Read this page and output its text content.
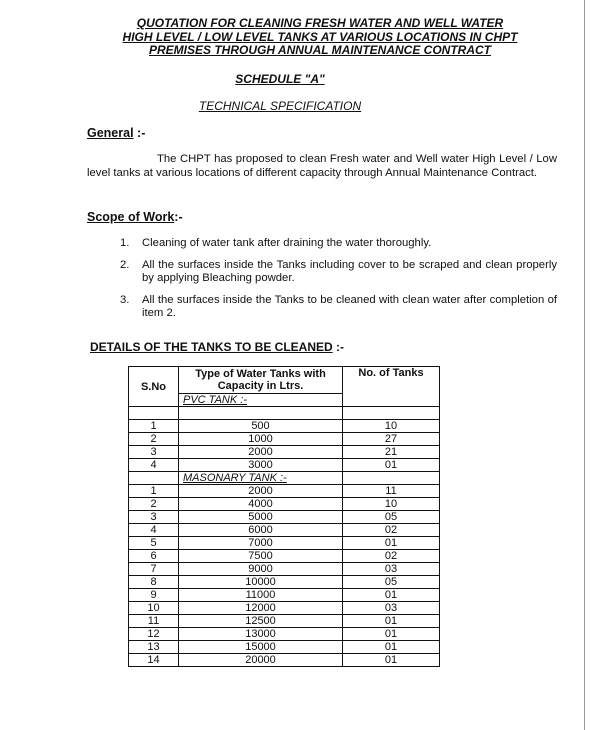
QUOTATION FOR CLEANING FRESH WATER AND WELL WATER
HIGH LEVEL / LOW LEVEL TANKS AT VARIOUS LOCATIONS IN CHPT
PREMISES THROUGH ANNUAL MAINTENANCE CONTRACT
SCHEDULE "A"
TECHNICAL SPECIFICATION
General :-
The CHPT has proposed to clean Fresh water and Well water High Level / Low level tanks at various locations of different capacity through Annual Maintenance Contract.
Scope of Work:-
1.	Cleaning of water tank after draining the water thoroughly.
2.	All the surfaces inside the Tanks including cover to be scraped and clean properly by applying Bleaching powder.
3.	All the surfaces inside the Tanks to be cleaned with clean water after completion of item 2.
DETAILS OF THE TANKS TO BE CLEANED :-
S.No	Type of Water Tanks with Capacity in Ltrs.	No. of Tanks
	PVC TANK :-	

1	500	10
2	1000	27
3	2000	21
4	3000	01
	MASONARY TANK :-	
1	2000	11
2	4000	10
3	5000	05
4	6000	02
5	7000	01
6	7500	02
7	9000	03
8	10000	05
9	11000	01
10	12000	03
11	12500	01
12	13000	01
13	15000	01
14	20000	01
